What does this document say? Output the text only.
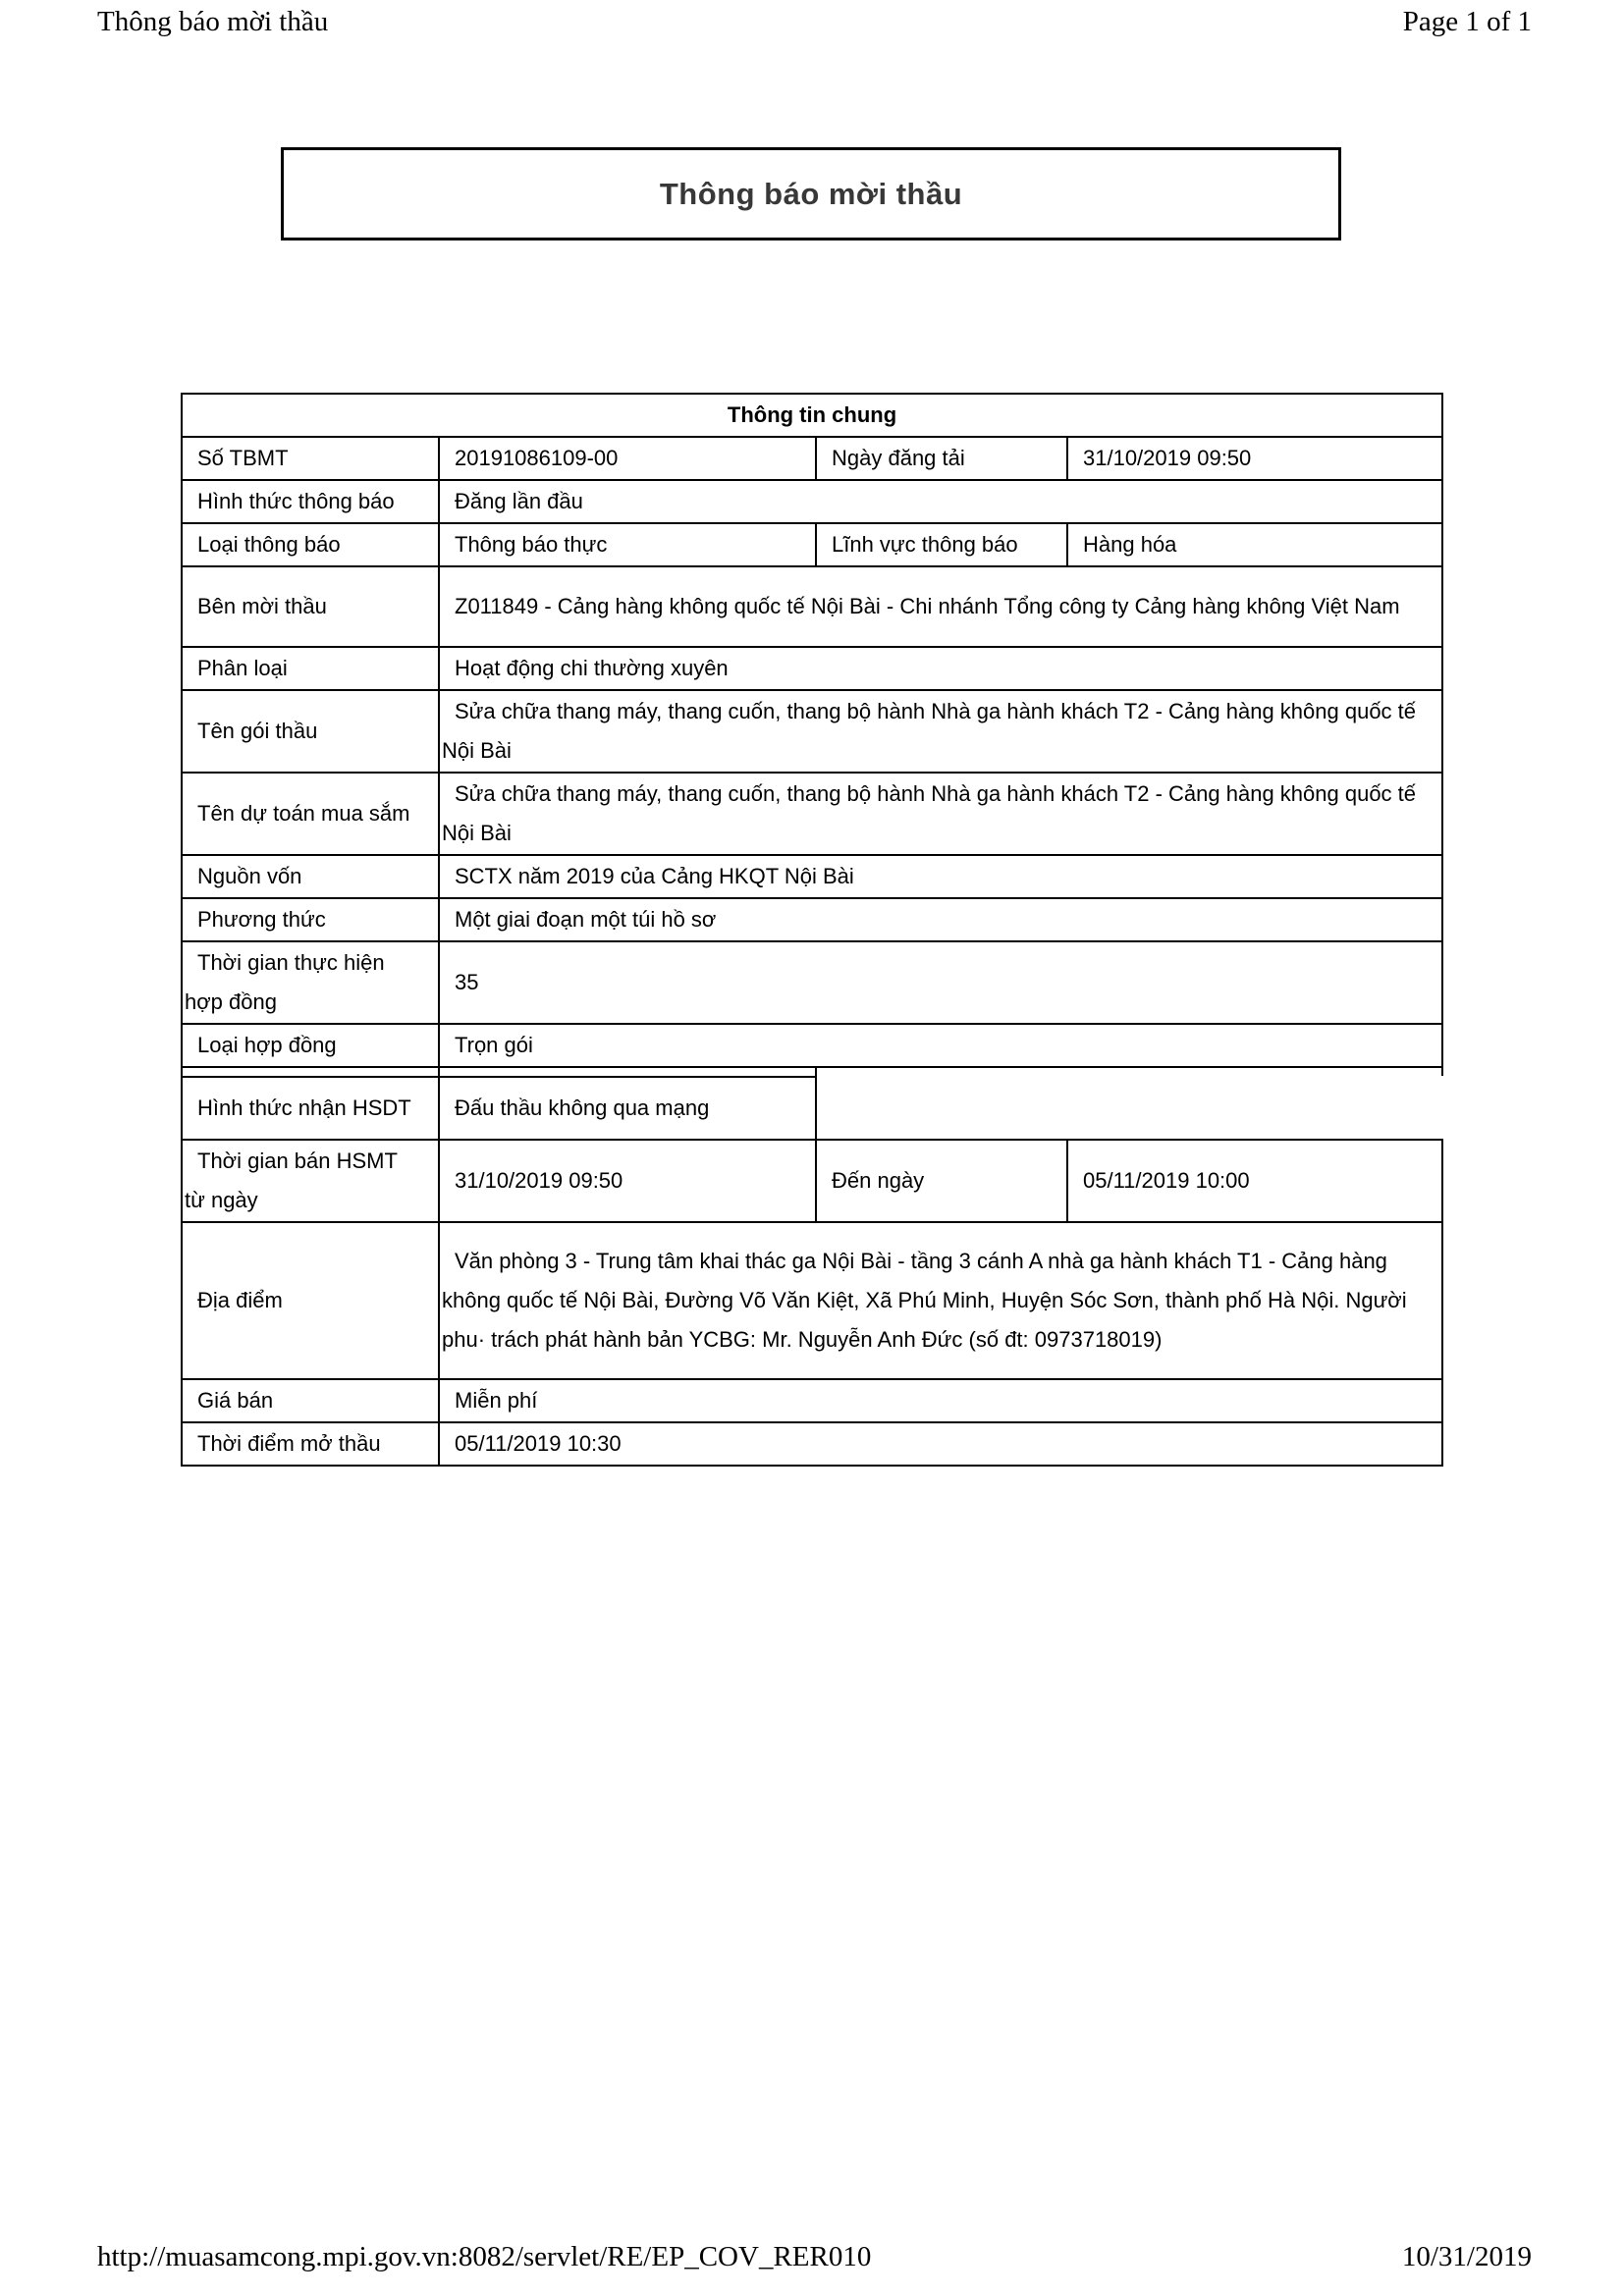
Thông báo mời thầu	Page 1 of 1
Thông báo mời thầu
Thông tin chung			
Số TBMT	20191086109-00	Ngày đăng tải	31/10/2019 09:50
Hình thức thông báo	Đăng lần đầu		
Loại thông báo	Thông báo thực	Lĩnh vực thông báo	Hàng hóa
Bên mời thầu	Z011849 - Cảng hàng không quốc tế Nội Bài - Chi nhánh Tổng công ty Cảng hàng không Việt Nam		
Phân loại	Hoạt động chi thường xuyên		
Tên gói thầu	Sửa chữa thang máy, thang cuốn, thang bộ hành Nhà ga hành khách T2 - Cảng hàng không quốc tế Nội Bài		
Tên dự toán mua sắm	Sửa chữa thang máy, thang cuốn, thang bộ hành Nhà ga hành khách T2 - Cảng hàng không quốc tế Nội Bài		
Nguồn vốn	SCTX năm 2019 của Cảng HKQT Nội Bài		
Phương thức	Một giai đoạn một túi hồ sơ		
Thời gian thực hiện hợp đồng	35		
Loại hợp đồng	Trọn gói		

Hình thức nhận HSDT	Đấu thầu không qua mạng		
Thời gian bán HSMT từ ngày	31/10/2019 09:50	Đến ngày	05/11/2019 10:00
Địa điểm	Văn phòng 3 - Trung tâm khai thác ga Nội Bài - tầng 3 cánh A nhà ga hành khách T1 - Cảng hàng không quốc tế Nội Bài, Đường Võ Văn Kiệt, Xã Phú Minh, Huyện Sóc Sơn, thành phố Hà Nội. Người phu· trách phát hành bản YCBG: Mr. Nguyễn Anh Đức (số đt: 0973718019)		
Giá bán	Miễn phí		
Thời điểm mở thầu	05/11/2019 10:30		
http://muasamcong.mpi.gov.vn:8082/servlet/RE/EP_COV_RER010	10/31/2019
